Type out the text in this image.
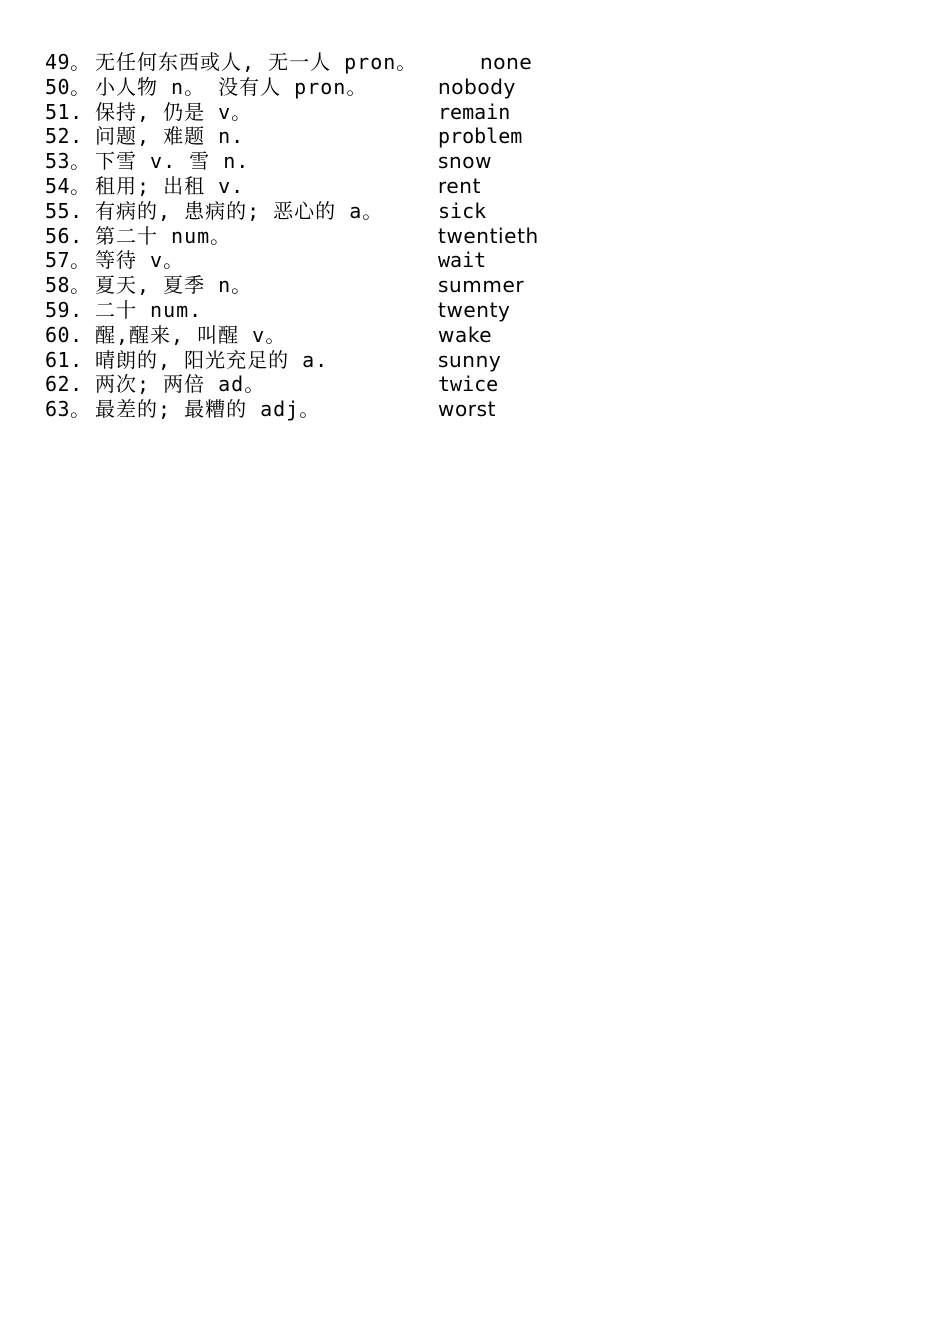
49。 无任何东西或人, 无一人 pron。	none
50。 小人物 n。 没有人 pron。	nobody
51. 保持, 仍是 v。	remain
52. 问题, 难题 n.	problem
53。 下雪 v. 雪 n.	snow
54。 租用; 出租 v.	rent
55. 有病的, 患病的; 恶心的 a。	sick
56. 第二十 num。	twentieth
57。 等待 v。	wait
58。 夏天, 夏季 n。	summer
59. 二十 num.	twenty
60. 醒,醒来, 叫醒 v。	wake
61. 晴朗的, 阳光充足的 a.	sunny
62. 两次; 两倍 ad。	twice
63。 最差的; 最糟的 adj。	worst
